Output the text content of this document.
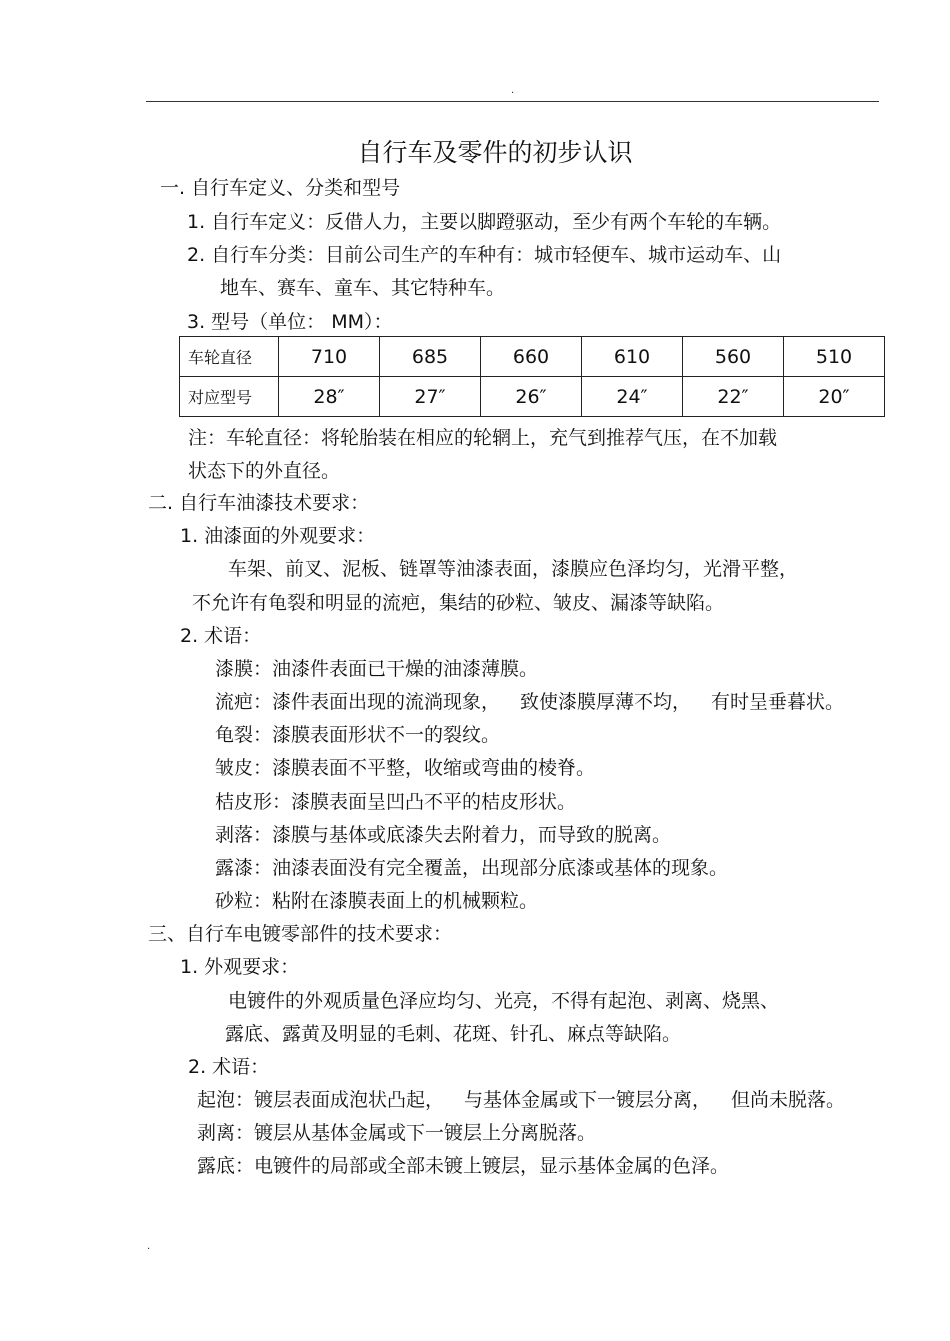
.
自行车及零件的初步认识
一. 自行车定义、分类和型号
1. 自行车定义：反借人力，主要以脚蹬驱动，至少有两个车轮的车辆。
2. 自行车分类：目前公司生产的车种有：城市轻便车、城市运动车、山
地车、赛车、童车、其它特种车。
3. 型号（单位： MM）：
车轮直径	710	685	660	610	560	510
对应型号	28″	27″	26″	24″	22″	20″
注：车轮直径：将轮胎装在相应的轮辋上，充气到推荐气压，在不加载
状态下的外直径。
二. 自行车油漆技术要求：
1. 油漆面的外观要求：
车架、前叉、泥板、链罩等油漆表面，漆膜应色泽均匀，光滑平整，
不允许有龟裂和明显的流疤，集结的砂粒、皱皮、漏漆等缺陷。
2. 术语：
漆膜：油漆件表面已干燥的油漆薄膜。
流疤：漆件表面出现的流淌现象， 致使漆膜厚薄不均， 有时呈垂暮状。
龟裂：漆膜表面形状不一的裂纹。
皱皮：漆膜表面不平整，收缩或弯曲的棱脊。
桔皮形：漆膜表面呈凹凸不平的桔皮形状。
剥落：漆膜与基体或底漆失去附着力，而导致的脱离。
露漆：油漆表面没有完全覆盖，出现部分底漆或基体的现象。
砂粒：粘附在漆膜表面上的机械颗粒。
三、自行车电镀零部件的技术要求：
1. 外观要求：
电镀件的外观质量色泽应均匀、光亮，不得有起泡、剥离、烧黑、
露底、露黄及明显的毛刺、花斑、针孔、麻点等缺陷。
2. 术语：
起泡：镀层表面成泡状凸起， 与基体金属或下一镀层分离， 但尚未脱落。
剥离：镀层从基体金属或下一镀层上分离脱落。
露底：电镀件的局部或全部未镀上镀层，显示基体金属的色泽。
.
